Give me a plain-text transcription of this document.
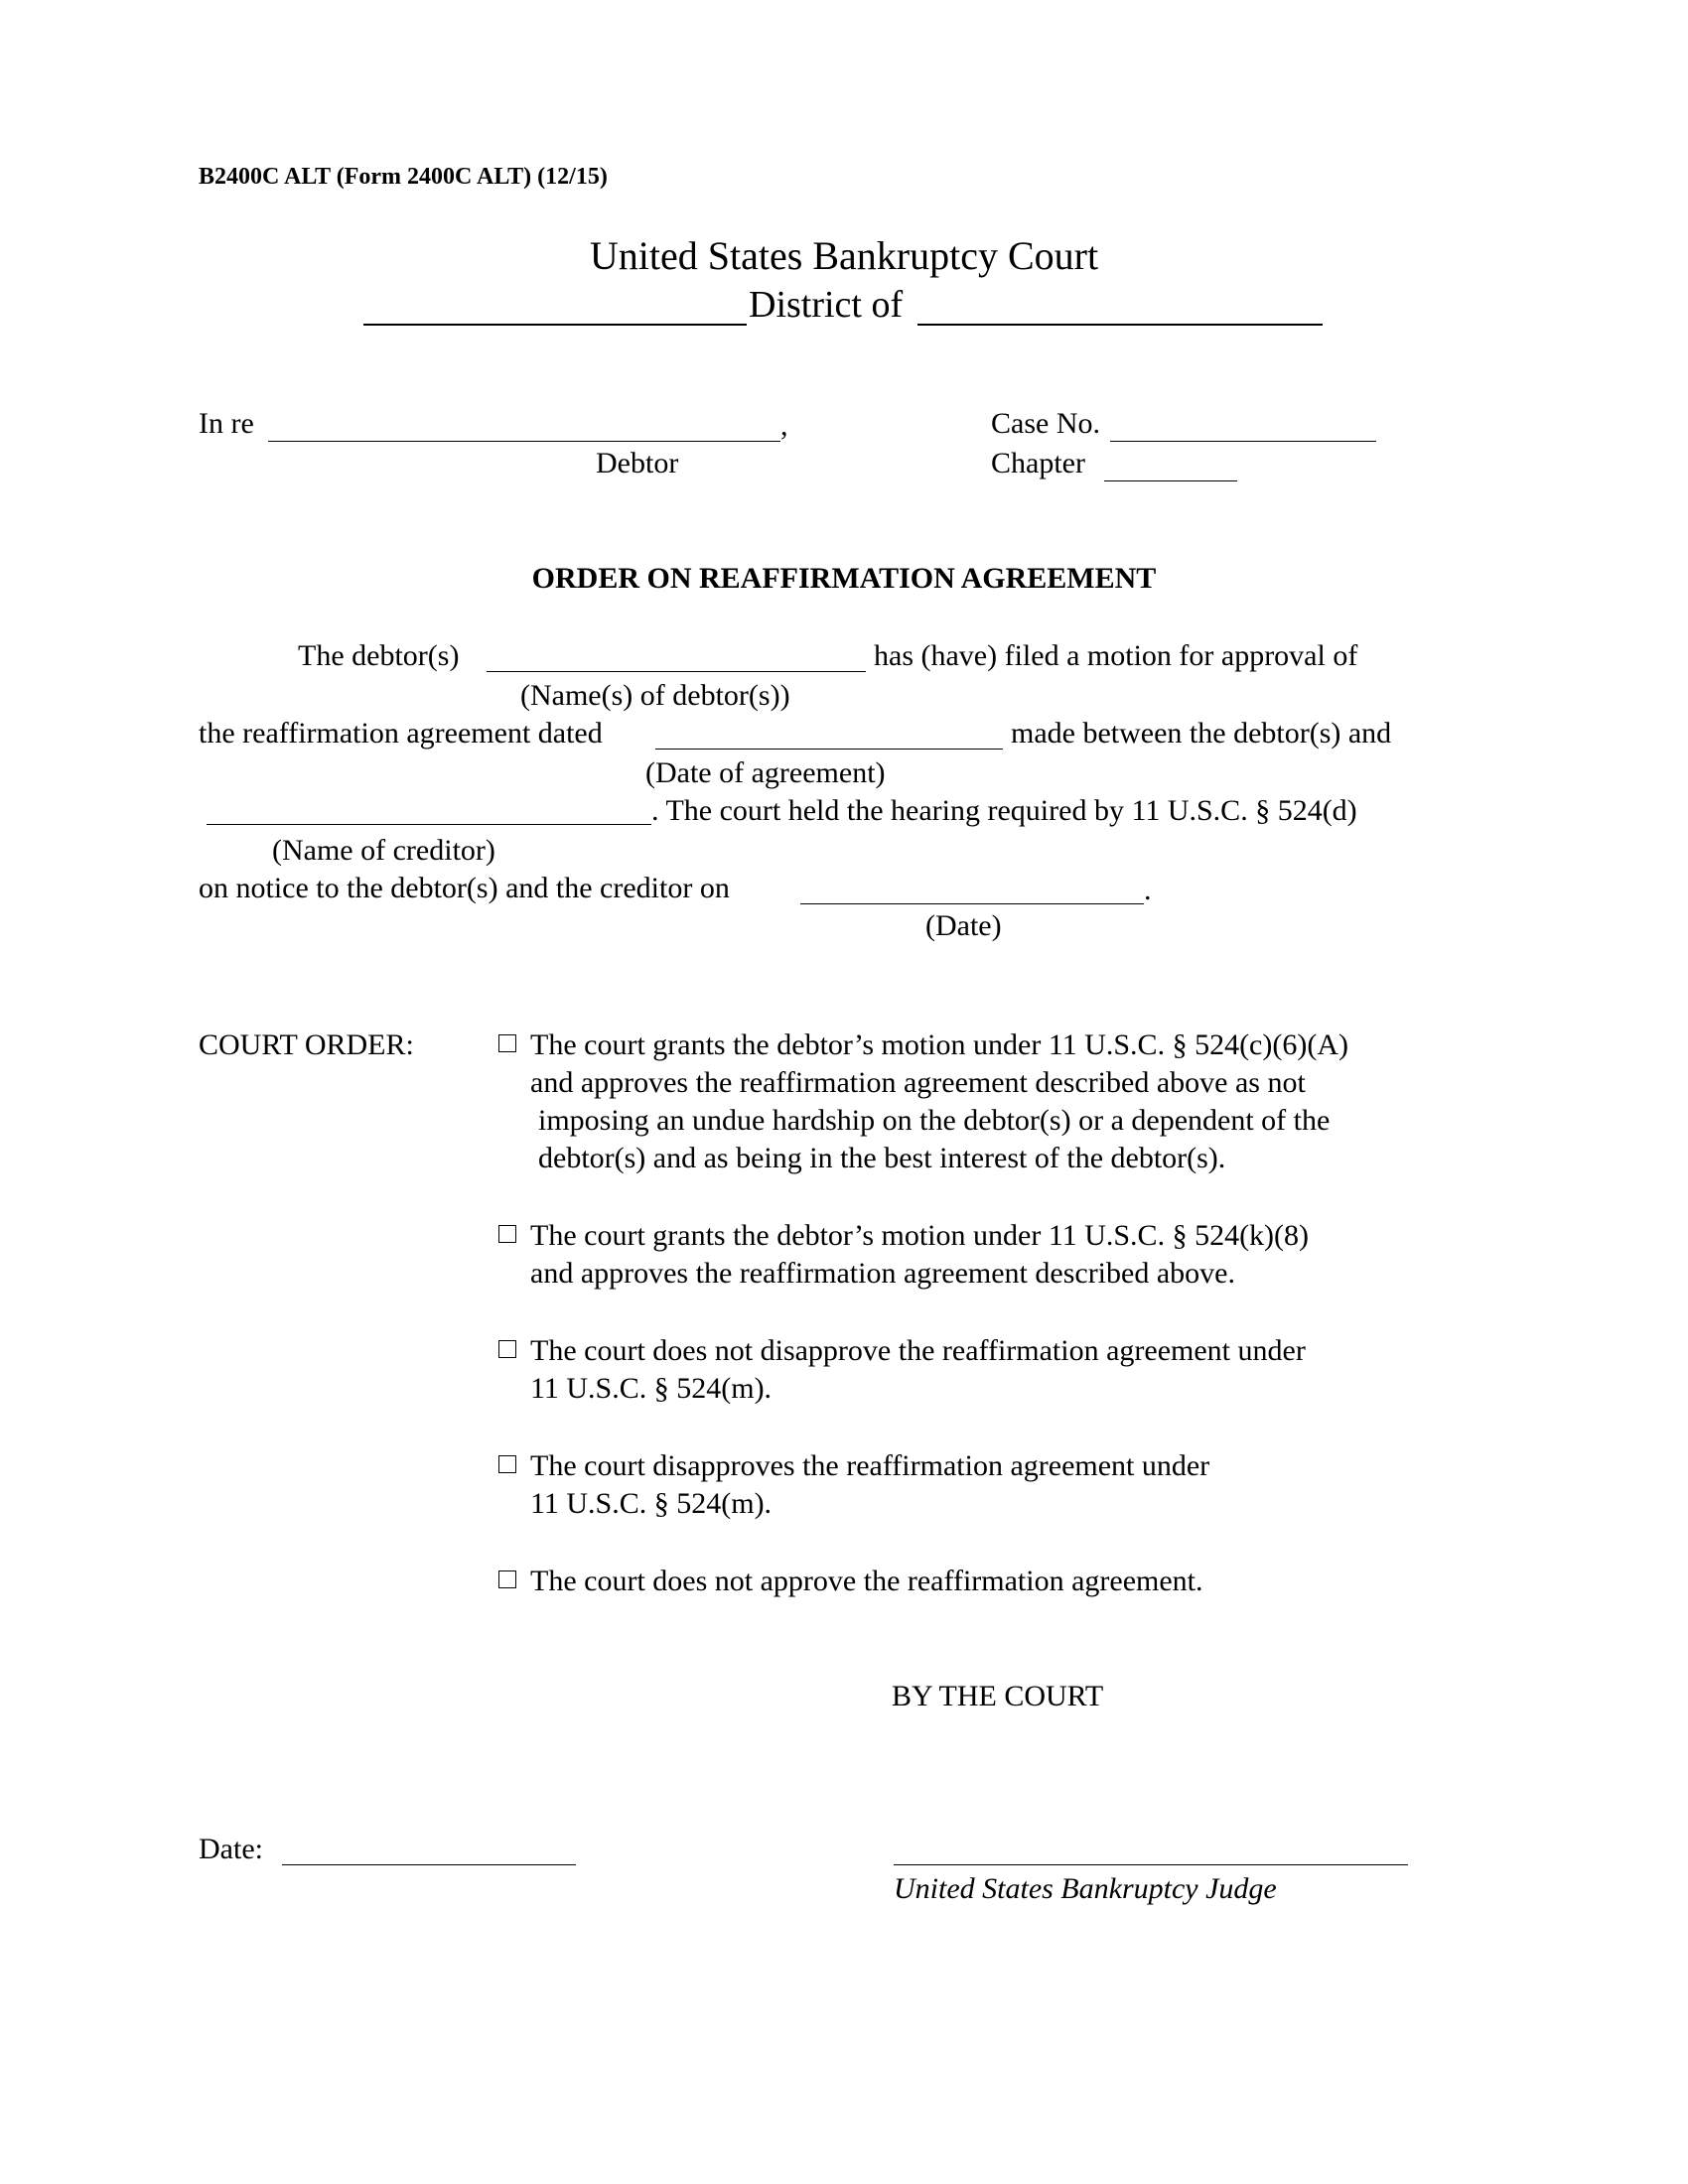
B2400C ALT (Form 2400C ALT) (12/15)
United States Bankruptcy Court
District of
In re	,
Debtor
Case No.
Chapter
ORDER ON REAFFIRMATION AGREEMENT
The debtor(s)	has (have) filed a motion for approval of
(Name(s) of debtor(s))
the reaffirmation agreement dated	made between the debtor(s) and
(Date of agreement)
. The court held the hearing required by 11 U.S.C. § 524(d)
(Name of creditor)
on notice to the debtor(s) and the creditor on	.
(Date)
COURT ORDER:	The court grants the debtor’s motion under 11 U.S.C. § 524(c)(6)(A)
and approves the reaffirmation agreement described above as not
imposing an undue hardship on the debtor(s) or a dependent of the
debtor(s) and as being in the best interest of the debtor(s).
The court grants the debtor’s motion under 11 U.S.C. § 524(k)(8)
and approves the reaffirmation agreement described above.
The court does not disapprove the reaffirmation agreement under
11 U.S.C. § 524(m).
The court disapproves the reaffirmation agreement under
11 U.S.C. § 524(m).
The court does not approve the reaffirmation agreement.
BY THE COURT
Date:
United States Bankruptcy Judge
